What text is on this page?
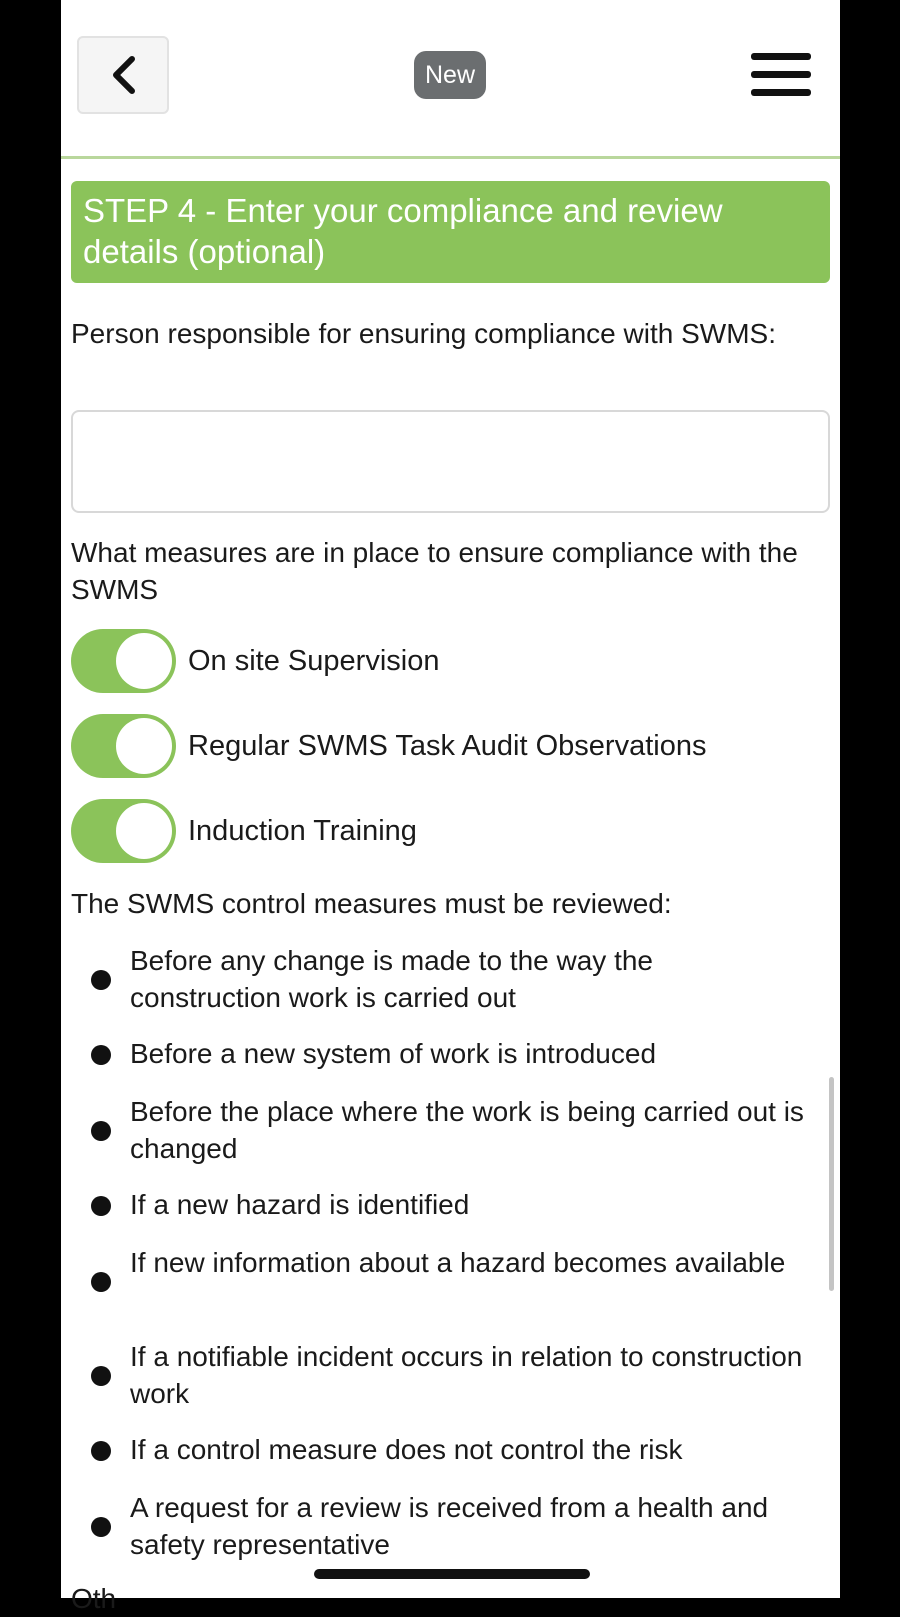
New
STEP 4 - Enter your compliance and review details (optional)
Person responsible for ensuring compliance with SWMS:
What measures are in place to ensure compliance with the SWMS
On site Supervision
Regular SWMS Task Audit Observations
Induction Training
The SWMS control measures must be reviewed:
Before any change is made to the way the construction work is carried out
Before a new system of work is introduced
Before the place where the work is being carried out is changed
If a new hazard is identified
If new information about a hazard becomes available
If a notifiable incident occurs in relation to construction work
If a control measure does not control the risk
A request for a review is received from a health and safety representative
Oth
